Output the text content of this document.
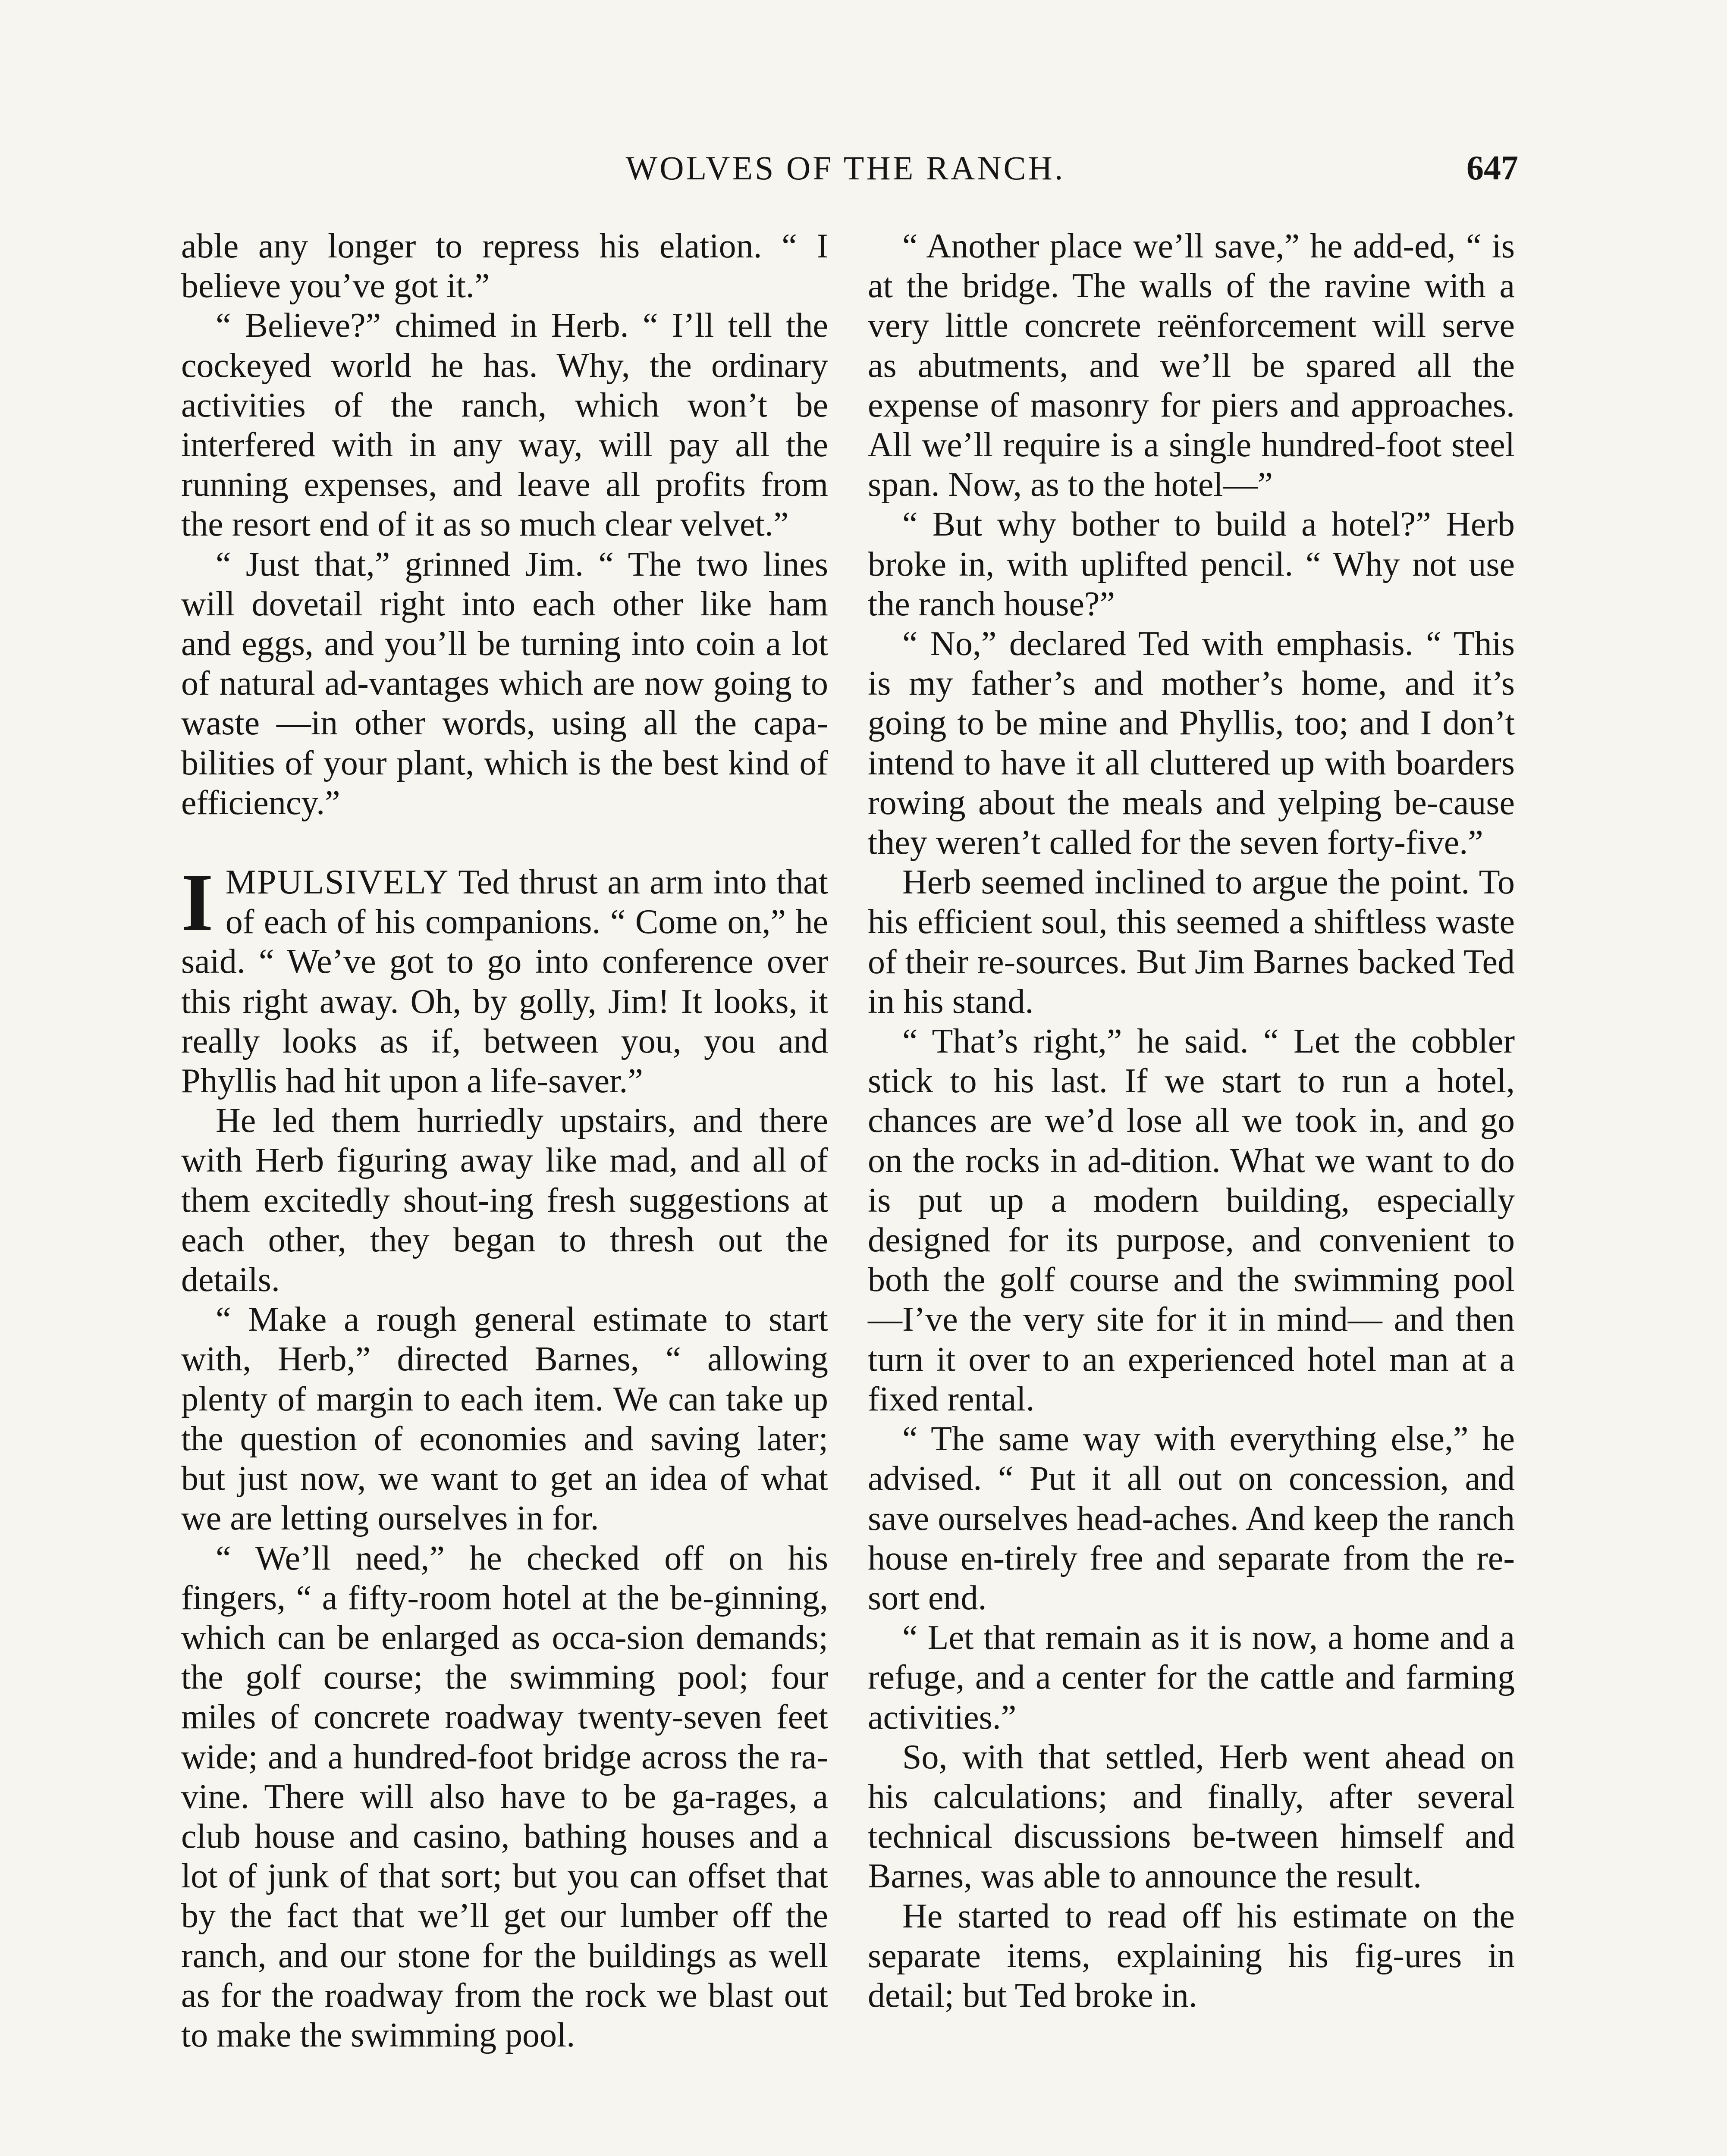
WOLVES OF THE RANCH.	647

able any longer to repress his elation. “ I believe you’ve got it.”

“ Believe?” chimed in Herb. “ I’ll tell the cockeyed world he has. Why, the ordinary activities of the ranch, which won’t be interfered with in any way, will pay all the running expenses, and leave all profits from the resort end of it as so much clear velvet.”

“ Just that,” grinned Jim. “ The two lines will dovetail right into each other like ham and eggs, and you’ll be turning into coin a lot of natural ad-vantages which are now going to waste —in other words, using all the capa-bilities of your plant, which is the best kind of efficiency.”

IMPULSIVELY Ted thrust an arm into that of each of his companions. “ Come on,” he said. “ We’ve got to go into conference over this right away. Oh, by golly, Jim! It looks, it really looks as if, between you, you and Phyllis had hit upon a life-saver.”

He led them hurriedly upstairs, and there with Herb figuring away like mad, and all of them excitedly shout-ing fresh suggestions at each other, they began to thresh out the details.

“ Make a rough general estimate to start with, Herb,” directed Barnes, “ allowing plenty of margin to each item. We can take up the question of economies and saving later; but just now, we want to get an idea of what we are letting ourselves in for.

“ We’ll need,” he checked off on his fingers, “ a fifty-room hotel at the be-ginning, which can be enlarged as occa-sion demands; the golf course; the swimming pool; four miles of concrete roadway twenty-seven feet wide; and a hundred-foot bridge across the ra-vine. There will also have to be ga-rages, a club house and casino, bathing houses and a lot of junk of that sort; but you can offset that by the fact that we’ll get our lumber off the ranch, and our stone for the buildings as well as for the roadway from the rock we blast out to make the swimming pool.

“ Another place we’ll save,” he add-ed, “ is at the bridge. The walls of the ravine with a very little concrete reënforcement will serve as abutments, and we’ll be spared all the expense of masonry for piers and approaches. All we’ll require is a single hundred-foot steel span. Now, as to the hotel—”

“ But why bother to build a hotel?” Herb broke in, with uplifted pencil. “ Why not use the ranch house?”

“ No,” declared Ted with emphasis. “ This is my father’s and mother’s home, and it’s going to be mine and Phyllis, too; and I don’t intend to have it all cluttered up with boarders rowing about the meals and yelping be-cause they weren’t called for the seven forty-five.”

Herb seemed inclined to argue the point. To his efficient soul, this seemed a shiftless waste of their re-sources. But Jim Barnes backed Ted in his stand.

“ That’s right,” he said. “ Let the cobbler stick to his last. If we start to run a hotel, chances are we’d lose all we took in, and go on the rocks in ad-dition. What we want to do is put up a modern building, especially designed for its purpose, and convenient to both the golf course and the swimming pool —I’ve the very site for it in mind— and then turn it over to an experienced hotel man at a fixed rental.

“ The same way with everything else,” he advised. “ Put it all out on concession, and save ourselves head-aches. And keep the ranch house en-tirely free and separate from the re-sort end.

“ Let that remain as it is now, a home and a refuge, and a center for the cattle and farming activities.”

So, with that settled, Herb went ahead on his calculations; and finally, after several technical discussions be-tween himself and Barnes, was able to announce the result.

He started to read off his estimate on the separate items, explaining his fig-ures in detail; but Ted broke in.
